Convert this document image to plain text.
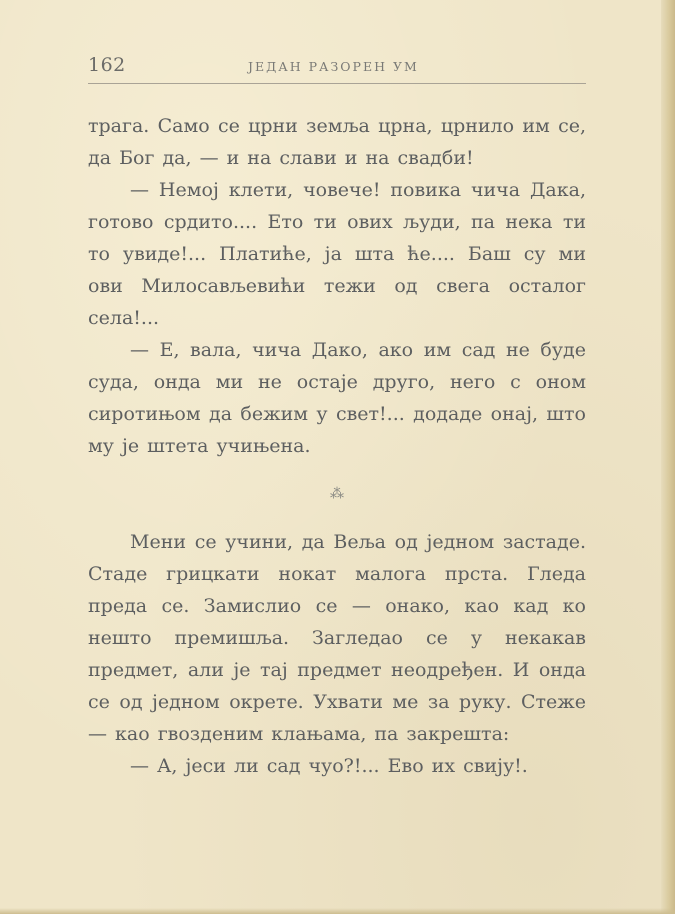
162	ЈЕДАН РАЗОРЕН УМ

трага. Само се црни земља црна, црнило им се, да Бог да, — и на слави и на свадби!

— Немој клети, човече! повика чича Дака, готово срдито.... Ето ти ових људи, па нека ти то увиде!... Платиће, ја шта ће.... Баш су ми ови Милосављевићи тежи од свега осталог села!...

— Е, вала, чича Дако, ако им сад не буде суда, онда ми не остаје друго, него с оном сиротињом да бежим у свет!... додаде онај, што му је штета учињена.

⁂

Мени се учини, да Веља од једном застаде. Стаде грицкати нокат малога прста. Гледа преда се. Замислио се — онако, као кад ко нешто премишља. Загледао се у некакав предмет, али је тај предмет неодређен. И онда се од једном окрете. Ухвати ме за руку. Стеже — као гвозденим клањама, па закрешта:

— А, јеси ли сад чуо?!... Ево их свију!.
